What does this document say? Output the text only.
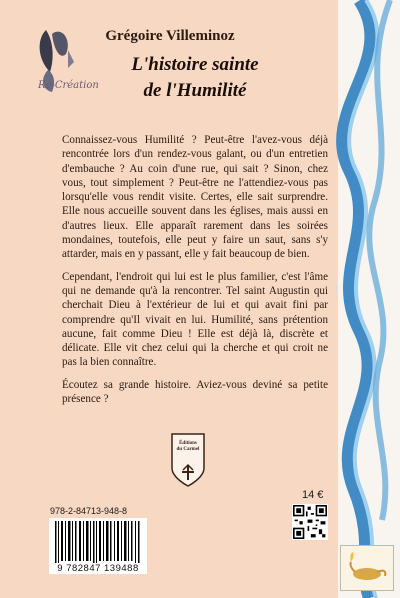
Ré-Création
Grégoire Villeminoz
L'histoire sainte
de l'Humilité

Connaissez-vous Humilité ? Peut-être l'avez-vous déjà rencontrée lors d'un rendez-vous galant, ou d'un entretien d'embauche ? Au coin d'une rue, qui sait ? Sinon, chez vous, tout simplement ? Peut-être ne l'attendiez-vous pas lorsqu'elle vous rendit visite. Certes, elle sait surprendre. Elle nous accueille souvent dans les églises, mais aussi en d'autres lieux. Elle apparaît rarement dans les soirées mondaines, toutefois, elle peut y faire un saut, sans s'y attarder, mais en y passant, elle y fait beaucoup de bien.

Cependant, l'endroit qui lui est le plus familier, c'est l'âme qui ne demande qu'à la rencontrer. Tel saint Augustin qui cherchait Dieu à l'extérieur de lui et qui avait fini par comprendre qu'Il vivait en lui. Humilité, sans prétention aucune, fait comme Dieu ! Elle est déjà là, discrète et délicate. Elle vit chez celui qui la cherche et qui croit ne pas la bien connaître.

Écoutez sa grande histoire. Aviez-vous deviné sa petite présence ?

Éditions
du Carmel
978-2-84713-948-8
9 782847 139488
14 €
